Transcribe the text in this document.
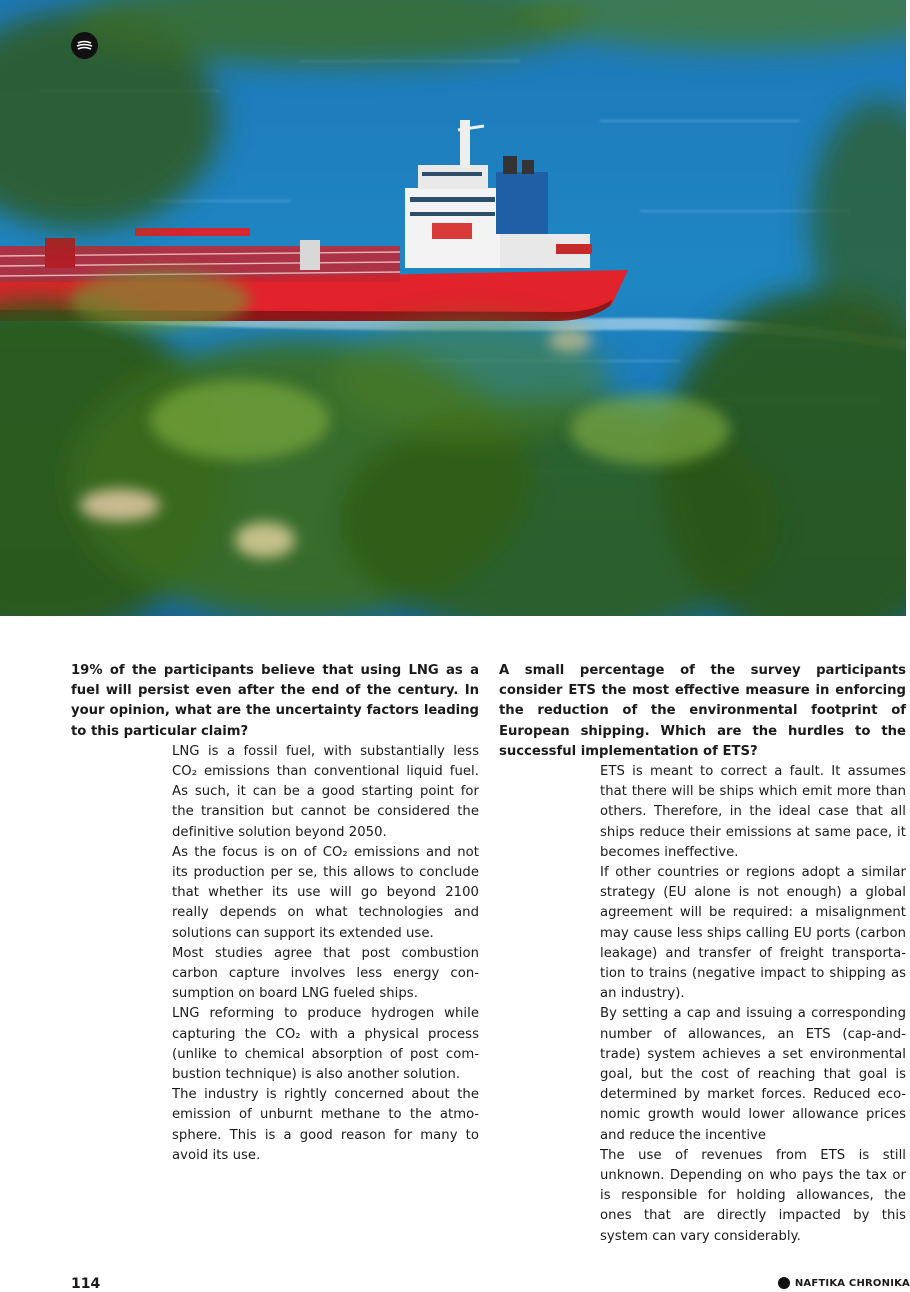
19% of the participants believe that using LNG as a fuel will persist even after the end of the century. In your opinion, what are the uncertainty factors leading to this particular claim?

LNG is a fossil fuel, with substantially less CO₂ emissions than conventional liquid fuel. As such, it can be a good starting point for the transition but cannot be considered the definitive solution beyond 2050.

As the focus is on of CO₂ emissions and not its production per se, this allows to conclude that whether its use will go beyond 2100 really depends on what technologies and solutions can support its extended use.

Most studies agree that post combustion carbon capture involves less energy consumption on board LNG fueled ships.

LNG reforming to produce hydrogen while capturing the CO₂ with a physical process (unlike to chemical absorption of post combustion technique) is also another solution.

The industry is rightly concerned about the emission of unburnt methane to the atmosphere. This is a good reason for many to avoid its use.

A small percentage of the survey participants consider ETS the most effective measure in enforcing the reduction of the environmental footprint of European shipping. Which are the hurdles to the successful implementation of ETS?

ETS is meant to correct a fault. It assumes that there will be ships which emit more than others. Therefore, in the ideal case that all ships reduce their emissions at same pace, it becomes ineffective.

If other countries or regions adopt a similar strategy (EU alone is not enough) a global agreement will be required: a misalignment may cause less ships calling EU ports (carbon leakage) and transfer of freight transportation to trains (negative impact to shipping as an industry).

By setting a cap and issuing a corresponding number of allowances, an ETS (cap-and-trade) system achieves a set environmental goal, but the cost of reaching that goal is determined by market forces. Reduced economic growth would lower allowance prices and reduce the incentive

The use of revenues from ETS is still unknown. Depending on who pays the tax or is responsible for holding allowances, the ones that are directly impacted by this system can vary considerably.

114	NAFTIKA CHRONIKA
